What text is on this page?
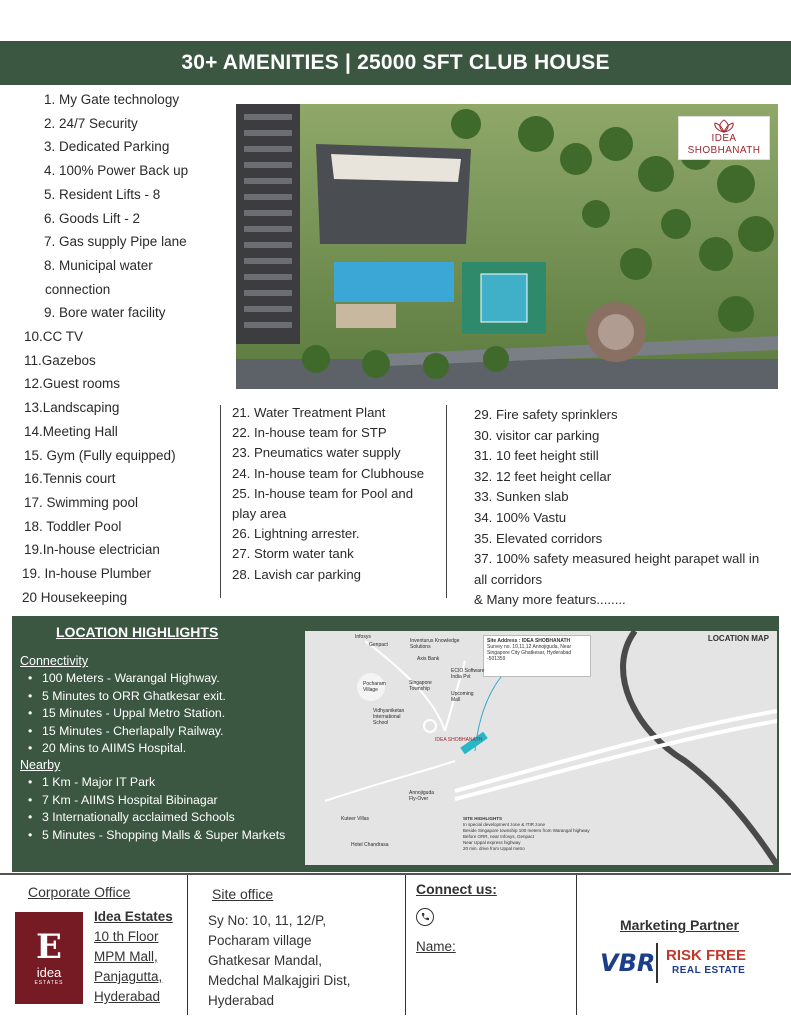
30+ AMENITIES | 25000 SFT CLUB HOUSE
1. My Gate technology
2. 24/7 Security
3. Dedicated Parking
4. 100% Power Back up
5. Resident Lifts - 8
6. Goods Lift - 2
7. Gas supply Pipe lane
8. Municipal water
connection
9. Bore water facility
10.CC TV
11.Gazebos
12.Guest rooms
13.Landscaping
14.Meeting Hall
15. Gym (Fully equipped)
16.Tennis court
17. Swimming pool
18. Toddler Pool
19.In-house electrician
19. In-house Plumber
20 Housekeeping
IDEA
SHOBHANATH
21. Water Treatment Plant
22. In-house team for STP
23. Pneumatics water supply
24. In-house team for Clubhouse
25. In-house team for Pool and play area
26. Lightning arrester.
27. Storm water tank
28. Lavish car parking
29. Fire safety sprinklers
30. visitor car parking
31. 10 feet height still
32. 12 feet height cellar
33. Sunken slab
34. 100% Vastu
35. Elevated corridors
37. 100% safety measured height parapet wall in all corridors
& Many more featurs........
LOCATION HIGHLIGHTS
Connectivity
• 100 Meters - Warangal Highway.
• 5 Minutes to ORR Ghatkesar exit.
• 15 Minutes - Uppal Metro Station.
• 15 Minutes - Cherlapally Railway.
• 20 Mins to AIIMS Hospital.
Nearby
• 1 Km - Major IT Park
• 7 Km - AIIMS Hospital Bibinagar
• 3 Internationally acclaimed Schools
• 5 Minutes - Shopping Malls & Super Markets
LOCATION MAP
Site Address : IDEA SHOBHANATH
Survey no. 10,11,12 Annojiguda, Near Singapore City Ghatkesar, Hyderabad -501359
Infosys
Genpact
Inventurus Knowledge Solutions
Axis Bank
ECIO Software India Pvt
Upcoming Mall
Singapore Township
Pocharam Village
Vidhyaniketan International School
Annojiguda Fly-Over
Kuteer Villas
Hotel Chandrasa
IDEA SHOBHANATH
SITE HIGHLIGHTS
In special development zone & ITIR zone
Beside Singapore township 100 meters from Warangal highway
Before ORR, near Infosys, Genpact
Near Uppal express highway
20 min. drive from Uppal metro
Corporate Office
E
idea
ESTATES
Idea Estates
10 th Floor
MPM Mall,
Panjagutta,
Hyderabad
Site office
Sy No: 10, 11, 12/P,
Pocharam village
Ghatkesar Mandal,
Medchal Malkajgiri Dist,
Hyderabad
Connect us:
Name:
Marketing Partner
VBR RISK FREE
REAL ESTATE
